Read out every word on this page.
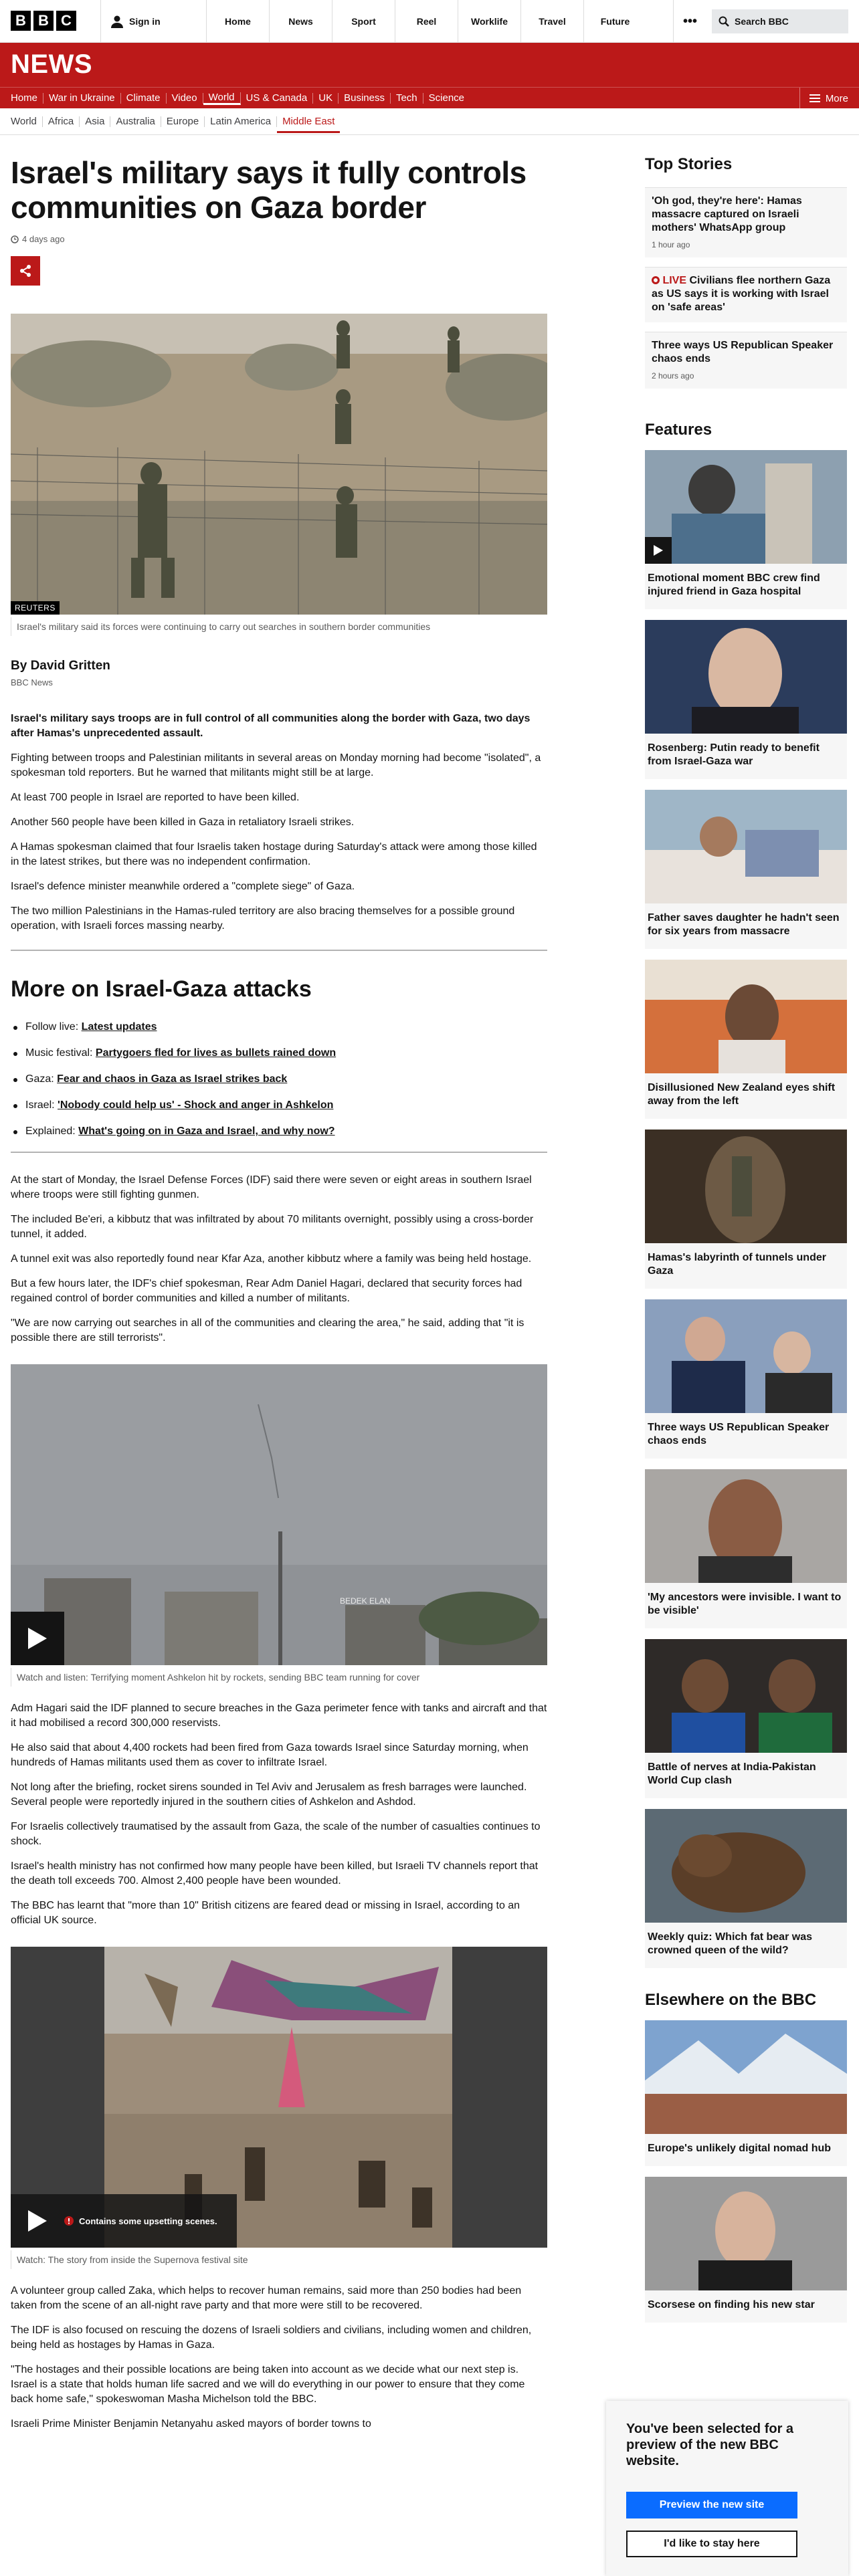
B B C	Sign in	Home	News	Sport	Reel	Worklife	Travel	Future	•••	Search BBC
NEWS
Home	War in Ukraine	Climate	Video	World	US & Canada	UK	Business	Tech	Science	More
World	Africa	Asia	Australia	Europe	Latin America	Middle East
Israel's military says it fully controls communities on Gaza border
4 days ago
REUTERS
Israel's military said its forces were continuing to carry out searches in southern border communities
By David Gritten
BBC News

Israel's military says troops are in full control of all communities along the border with Gaza, two days after Hamas's unprecedented assault.

Fighting between troops and Palestinian militants in several areas on Monday morning had become "isolated", a spokesman told reporters. But he warned that militants might still be at large.

At least 700 people in Israel are reported to have been killed.

Another 560 people have been killed in Gaza in retaliatory Israeli strikes.

A Hamas spokesman claimed that four Israelis taken hostage during Saturday's attack were among those killed in the latest strikes, but there was no independent confirmation.

Israel's defence minister meanwhile ordered a "complete siege" of Gaza.

The two million Palestinians in the Hamas-ruled territory are also bracing themselves for a possible ground operation, with Israeli forces massing nearby.

More on Israel-Gaza attacks
Follow live: Latest updates
Music festival: Partygoers fled for lives as bullets rained down
Gaza: Fear and chaos in Gaza as Israel strikes back
Israel: 'Nobody could help us' - Shock and anger in Ashkelon
Explained: What's going on in Gaza and Israel, and why now?

At the start of Monday, the Israel Defense Forces (IDF) said there were seven or eight areas in southern Israel where troops were still fighting gunmen.

The included Be'eri, a kibbutz that was infiltrated by about 70 militants overnight, possibly using a cross-border tunnel, it added.

A tunnel exit was also reportedly found near Kfar Aza, another kibbutz where a family was being held hostage.

But a few hours later, the IDF's chief spokesman, Rear Adm Daniel Hagari, declared that security forces had regained control of border communities and killed a number of militants.

"We are now carrying out searches in all of the communities and clearing the area," he said, adding that "it is possible there are still terrorists".

BEDEK ELAN
Watch and listen: Terrifying moment Ashkelon hit by rockets, sending BBC team running for cover

Adm Hagari said the IDF planned to secure breaches in the Gaza perimeter fence with tanks and aircraft and that it had mobilised a record 300,000 reservists.

He also said that about 4,400 rockets had been fired from Gaza towards Israel since Saturday morning, when hundreds of Hamas militants used them as cover to infiltrate Israel.

Not long after the briefing, rocket sirens sounded in Tel Aviv and Jerusalem as fresh barrages were launched. Several people were reportedly injured in the southern cities of Ashkelon and Ashdod.

For Israelis collectively traumatised by the assault from Gaza, the scale of the number of casualties continues to shock.

Israel's health ministry has not confirmed how many people have been killed, but Israeli TV channels report that the death toll exceeds 700. Almost 2,400 people have been wounded.

The BBC has learnt that "more than 10" British citizens are feared dead or missing in Israel, according to an official UK source.

Contains some upsetting scenes.
Watch: The story from inside the Supernova festival site

A volunteer group called Zaka, which helps to recover human remains, said more than 250 bodies had been taken from the scene of an all-night rave party and that more were still to be recovered.

The IDF is also focused on rescuing the dozens of Israeli soldiers and civilians, including women and children, being held as hostages by Hamas in Gaza.

"The hostages and their possible locations are being taken into account as we decide what our next step is. Israel is a state that holds human life sacred and we will do everything in our power to ensure that they come back home safe," spokeswoman Masha Michelson told the BBC.

Israeli Prime Minister Benjamin Netanyahu asked mayors of border towns to

Top Stories
'Oh god, they're here': Hamas massacre captured on Israeli mothers' WhatsApp group
1 hour ago
LIVE Civilians flee northern Gaza as US says it is working with Israel on 'safe areas'
Three ways US Republican Speaker chaos ends
2 hours ago
Features
Emotional moment BBC crew find injured friend in Gaza hospital
Rosenberg: Putin ready to benefit from Israel-Gaza war
Father saves daughter he hadn't seen for six years from massacre
Disillusioned New Zealand eyes shift away from the left
Hamas's labyrinth of tunnels under Gaza
Three ways US Republican Speaker chaos ends
'My ancestors were invisible. I want to be visible'
Battle of nerves at India-Pakistan World Cup clash
Weekly quiz: Which fat bear was crowned queen of the wild?
Elsewhere on the BBC
Europe's unlikely digital nomad hub
Scorsese on finding his new star
You've been selected for a preview of the new BBC website.
Preview the new site
I'd like to stay here
